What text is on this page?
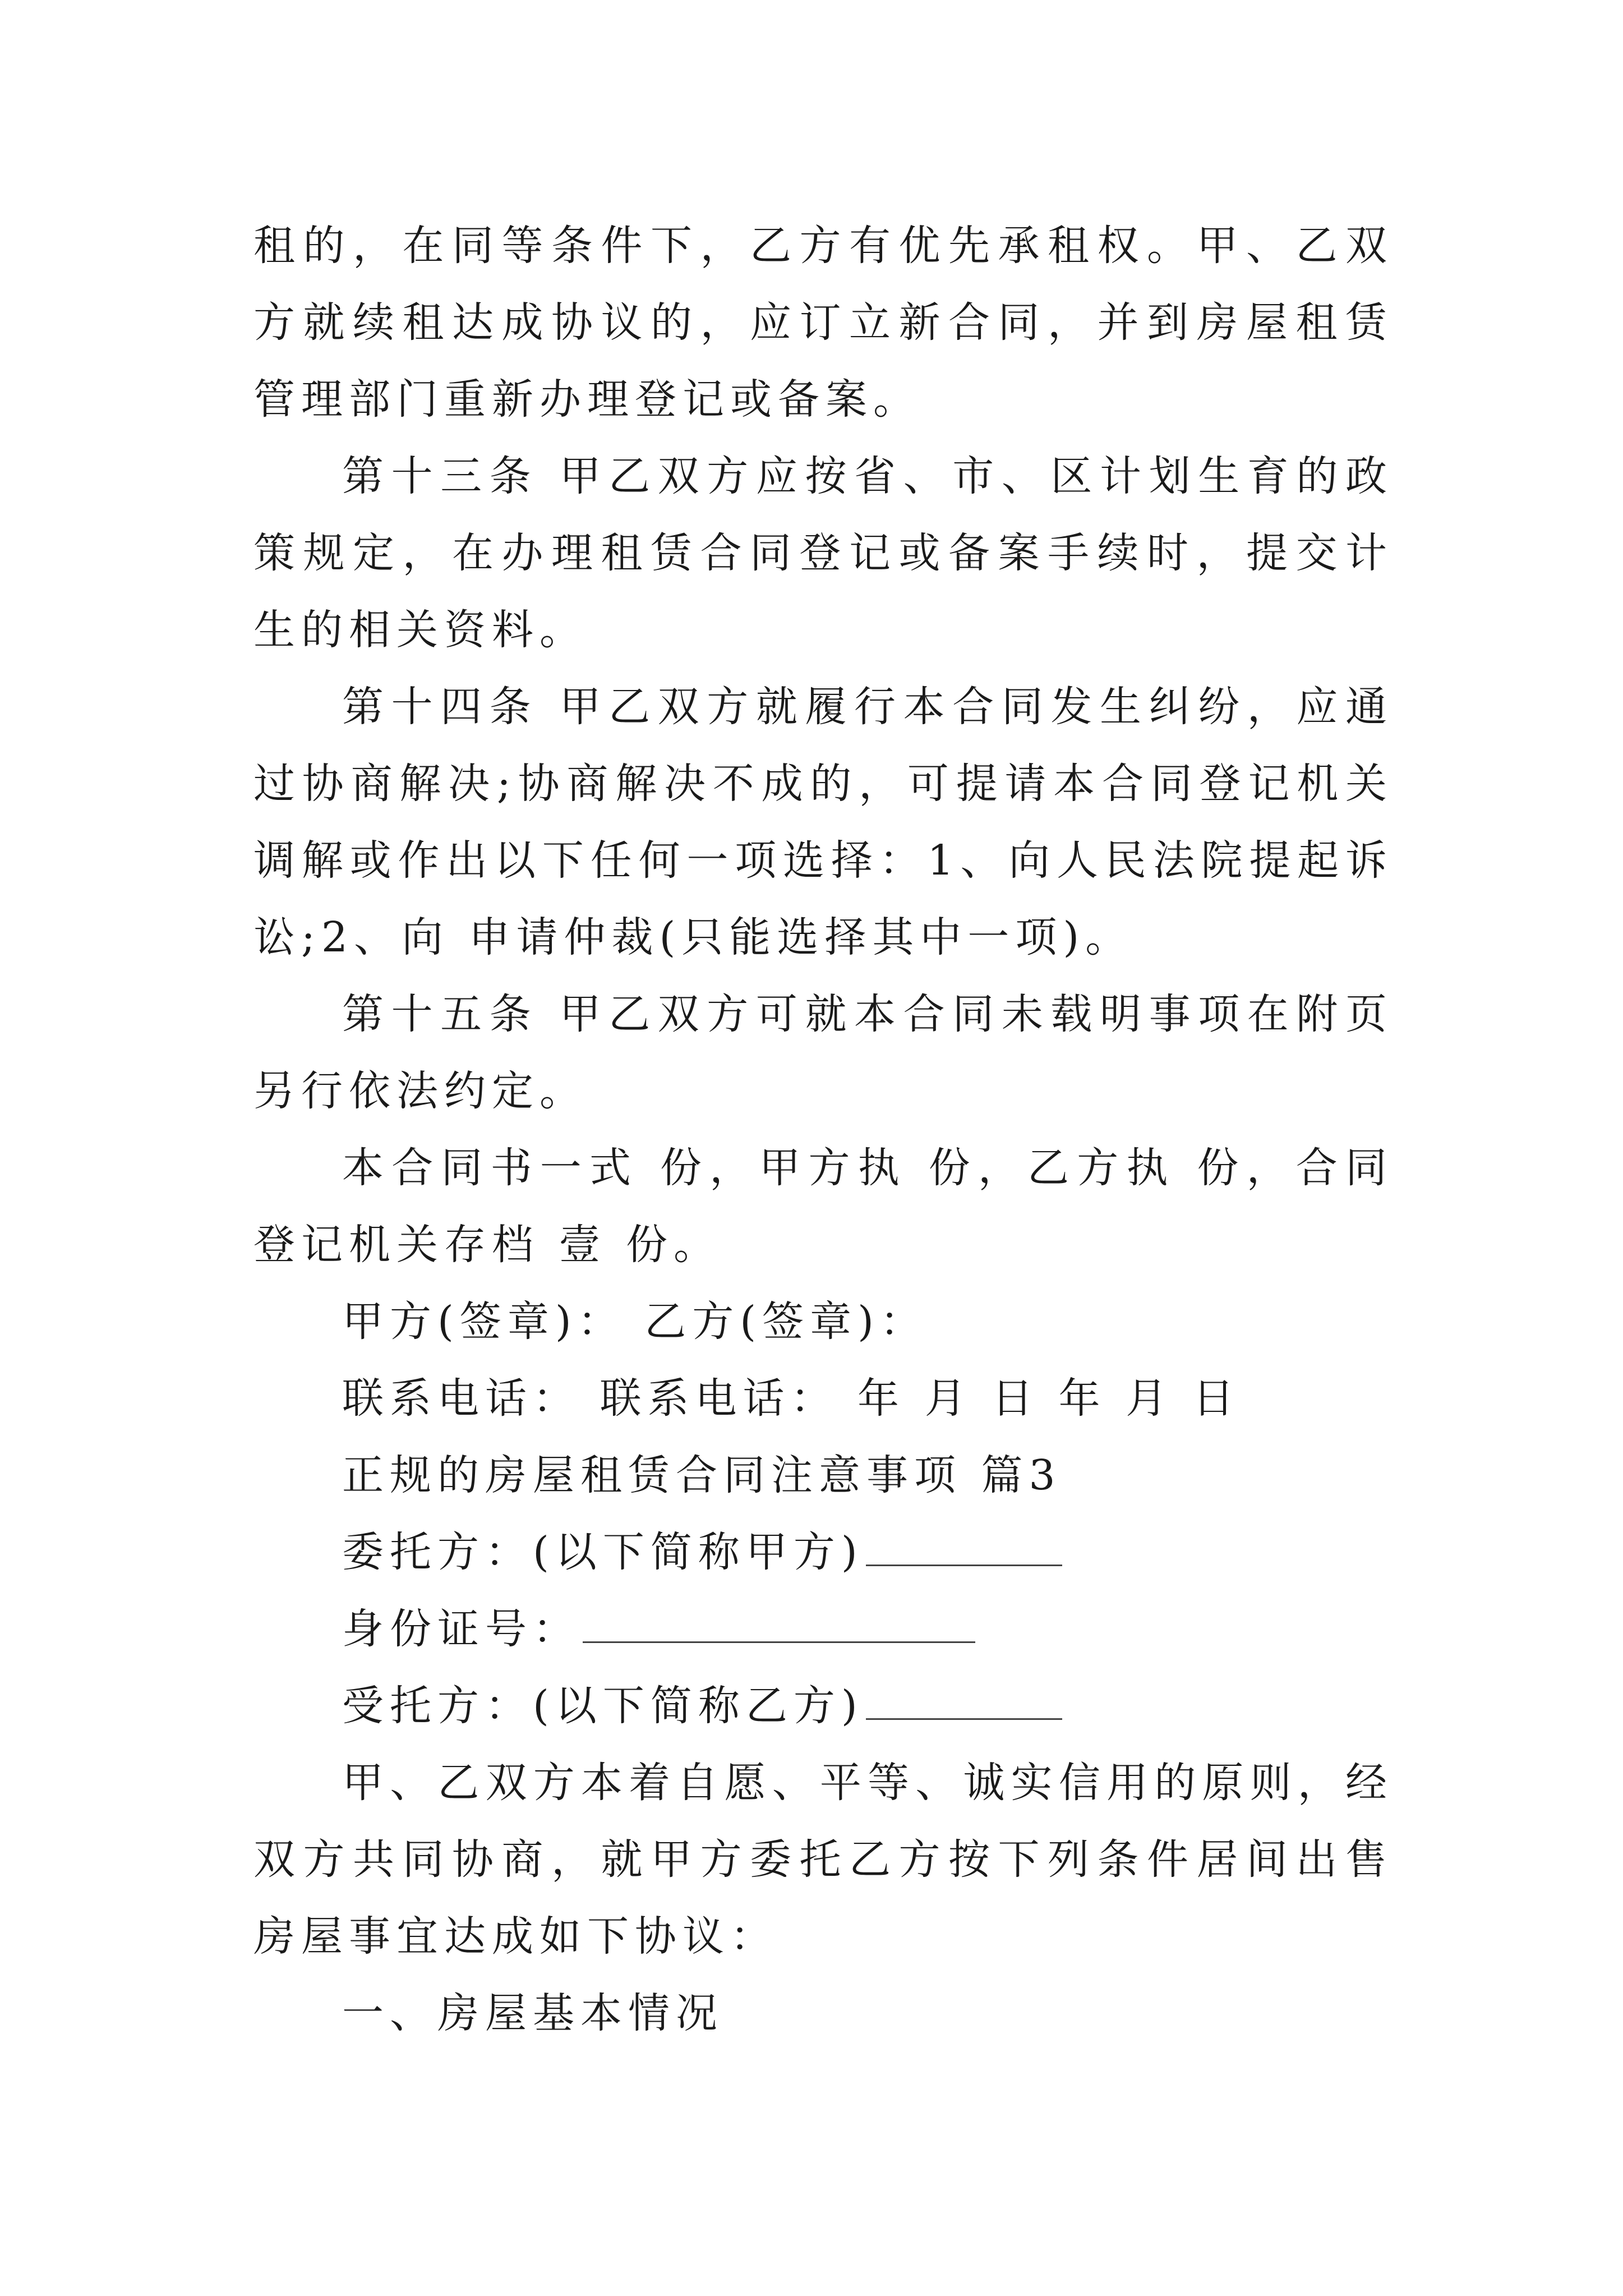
租的，在同等条件下，乙方有优先承租权。甲、乙双方就续租达成协议的，应订立新合同，并到房屋租赁管理部门重新办理登记或备案。

第十三条 甲乙双方应按省、市、区计划生育的政策规定，在办理租赁合同登记或备案手续时，提交计生的相关资料。

第十四条 甲乙双方就履行本合同发生纠纷，应通过协商解决;协商解决不成的，可提请本合同登记机关调解或作出以下任何一项选择：1、向人民法院提起诉讼;2、向 申请仲裁(只能选择其中一项)。

第十五条 甲乙双方可就本合同未载明事项在附页另行依法约定。

本合同书一式 份，甲方执 份，乙方执 份，合同登记机关存档 壹 份。

甲方(签章)： 乙方(签章)：
联系电话： 联系电话： 年 月 日 年 月 日
正规的房屋租赁合同注意事项 篇3
委托方：(以下简称甲方)
身份证号：
受托方：(以下简称乙方)

甲、乙双方本着自愿、平等、诚实信用的原则，经双方共同协商，就甲方委托乙方按下列条件居间出售房屋事宜达成如下协议：

一、房屋基本情况
